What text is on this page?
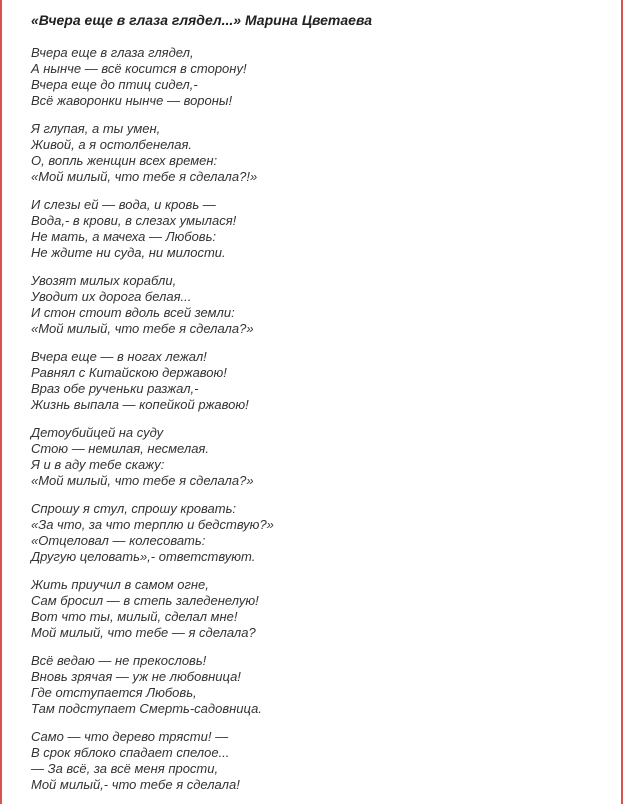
«Вчера еще в глаза глядел...» Марина Цветаева
Вчера еще в глаза глядел,
А нынче — всё косится в сторону!
Вчера еще до птиц сидел,-
Всё жаворонки нынче — вороны!
Я глупая, а ты умен,
Живой, а я остолбенелая.
О, вопль женщин всех времен:
«Мой милый, что тебе я сделала?!»
И слезы ей — вода, и кровь —
Вода,- в крови, в слезах умылася!
Не мать, а мачеха — Любовь:
Не ждите ни суда, ни милости.
Увозят милых корабли,
Уводит их дорога белая...
И стон стоит вдоль всей земли:
«Мой милый, что тебе я сделала?»
Вчера еще — в ногах лежал!
Равнял с Китайскою державою!
Враз обе рученьки разжал,-
Жизнь выпала — копейкой ржавою!
Детоубийцей на суду
Стою — немилая, несмелая.
Я и в аду тебе скажу:
«Мой милый, что тебе я сделала?»
Спрошу я стул, спрошу кровать:
«За что, за что терплю и бедствую?»
«Отцеловал — колесовать:
Другую целовать»,- ответствуют.
Жить приучил в самом огне,
Сам бросил — в степь заледенелую!
Вот что ты, милый, сделал мне!
Мой милый, что тебе — я сделала?
Всё ведаю — не прекословь!
Вновь зрячая — уж не любовница!
Где отступается Любовь,
Там подступает Смерть-садовница.
Само — что дерево трясти! —
В срок яблоко спадает спелое...
— За всё, за всё меня прости,
Мой милый,- что тебе я сделала!
